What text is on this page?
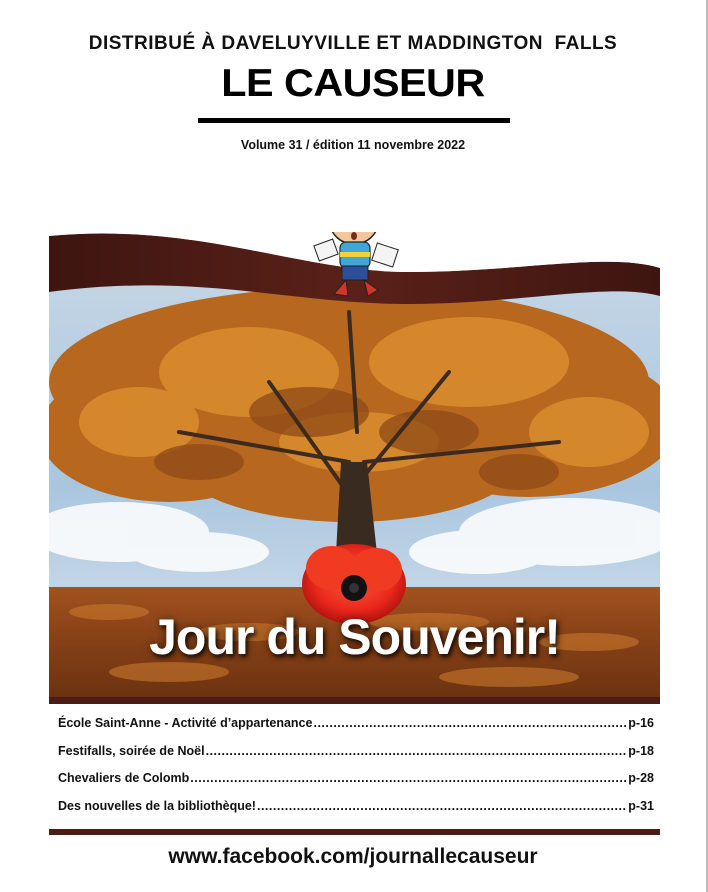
DISTRIBUÉ À DAVELUYVILLE ET MADDINGTON  FALLS
LE CAUSEUR
Volume 31 / édition 11 novembre 2022
Jour du Souvenir!
École Saint-Anne - Activité d’appartenance .....	p-16
Festifalls, soirée de Noël .....	p-18
Chevaliers de Colomb .....	p-28
Des nouvelles de la bibliothèque! .....	p-31
www.facebook.com/journallecauseur
